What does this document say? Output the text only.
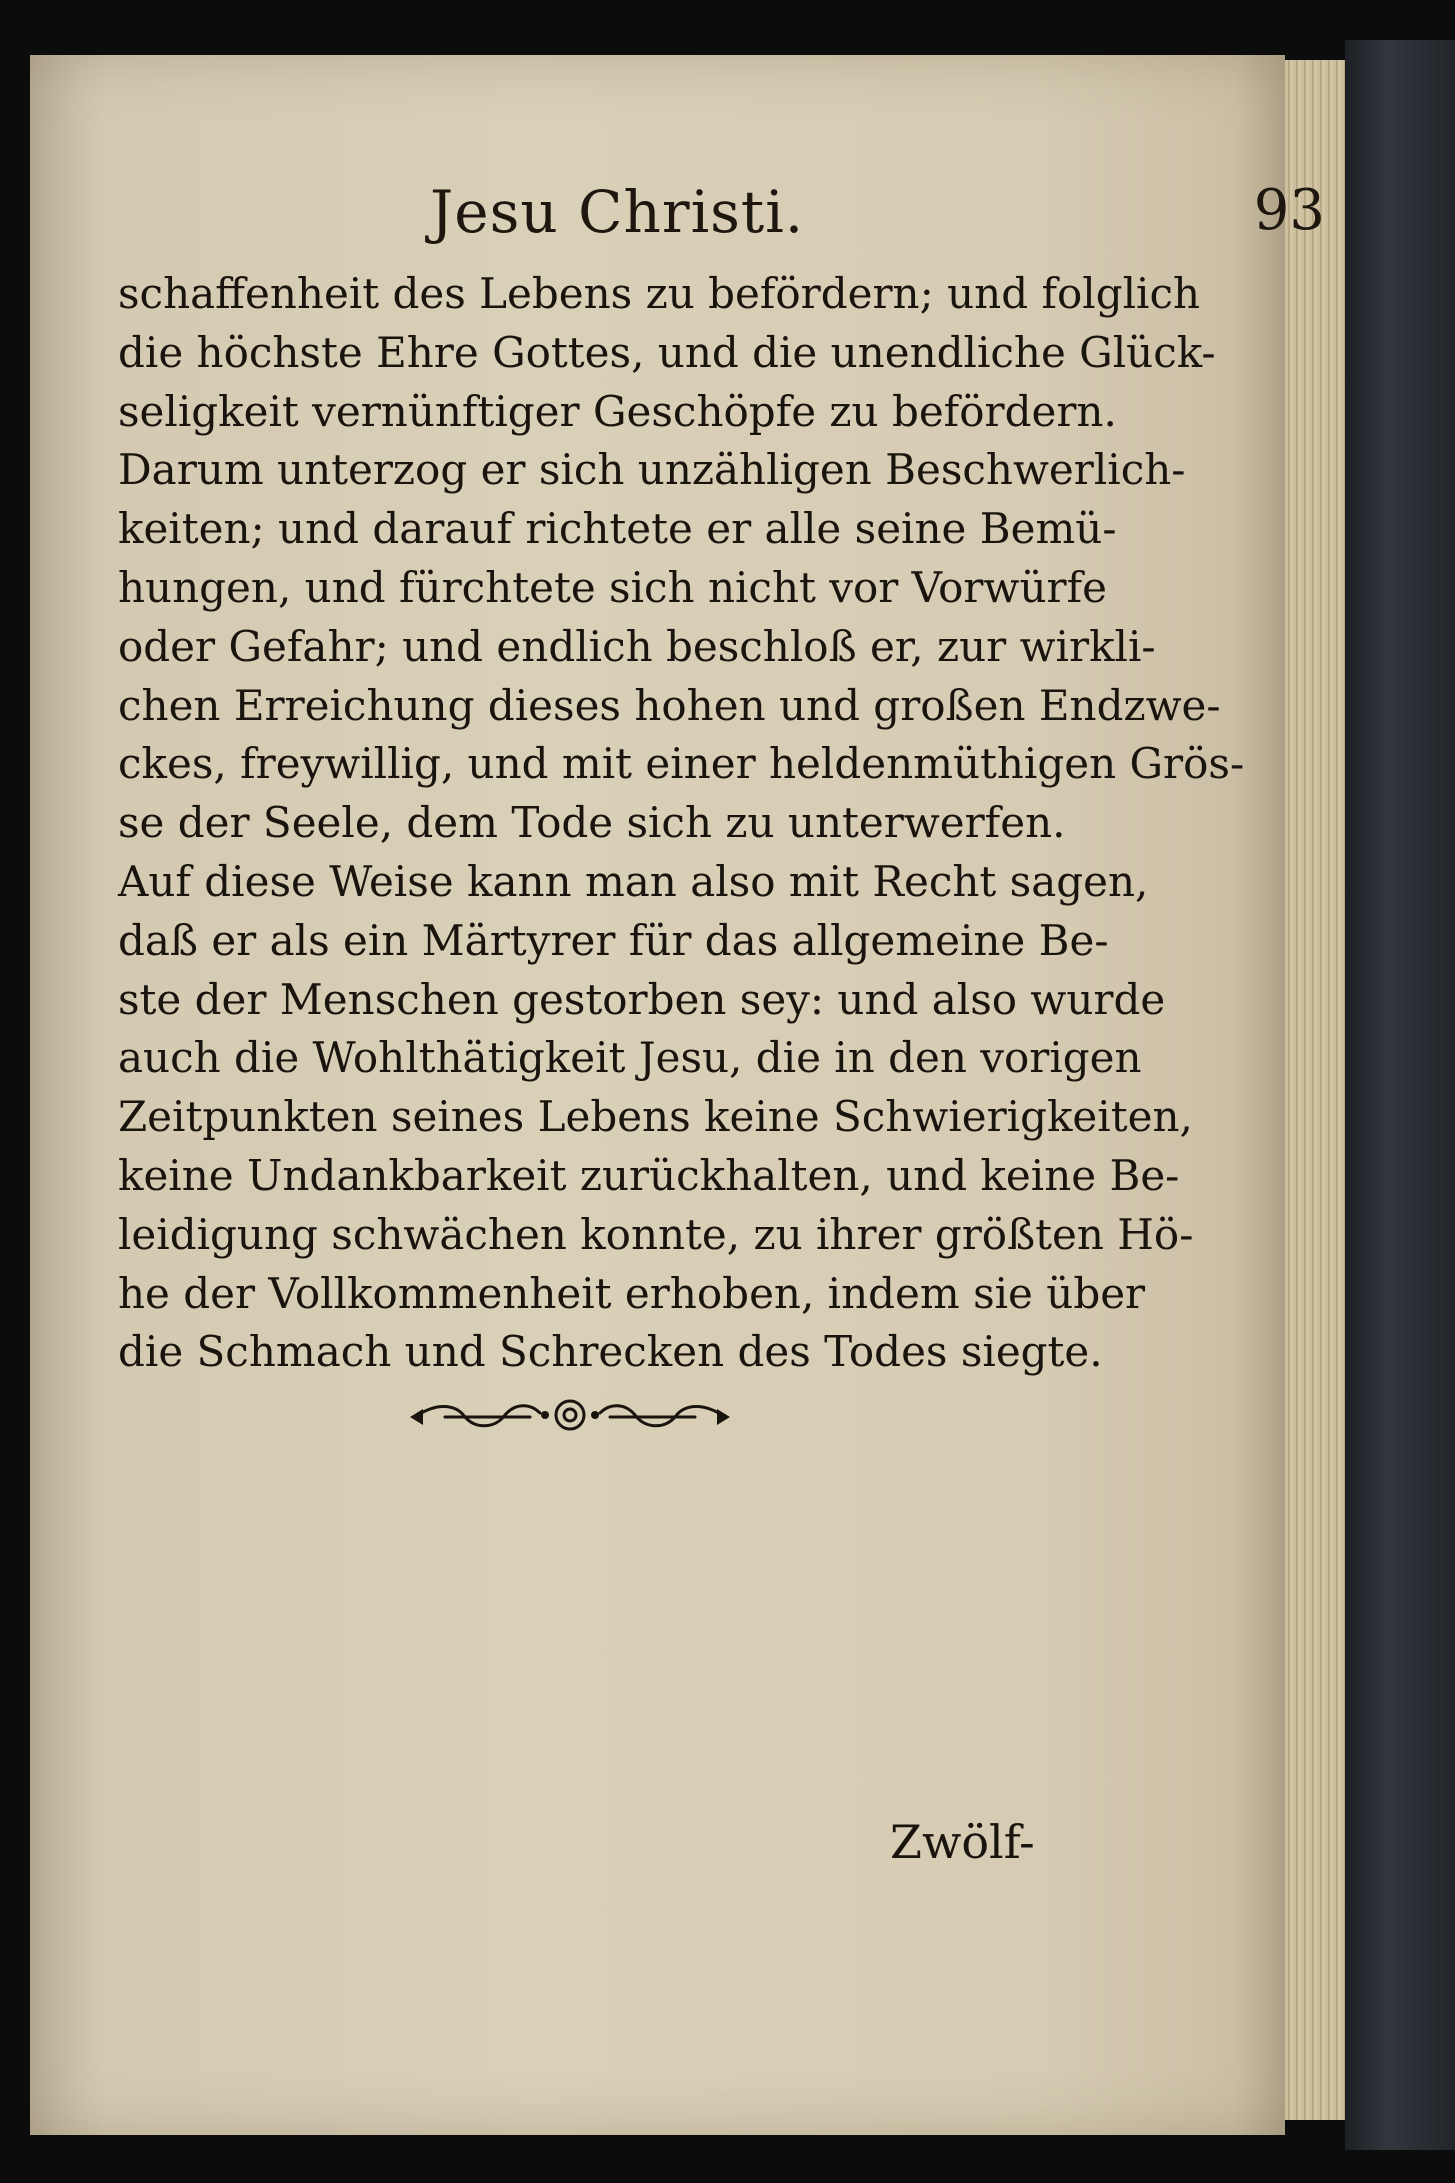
Jesu Christi.	93
schaffenheit des Lebens zu befördern; und folglich
die höchste Ehre Gottes, und die unendliche Glück-
seligkeit vernünftiger Geschöpfe zu befördern.
Darum unterzog er sich unzähligen Beschwerlich-
keiten; und darauf richtete er alle seine Bemü-
hungen, und fürchtete sich nicht vor Vorwürfe
oder Gefahr; und endlich beschloß er, zur wirkli-
chen Erreichung dieses hohen und großen Endzwe-
ckes, freywillig, und mit einer heldenmüthigen Grös-
se der Seele, dem Tode sich zu unterwerfen.
Auf diese Weise kann man also mit Recht sagen,
daß er als ein Märtyrer für das allgemeine Be-
ste der Menschen gestorben sey: und also wurde
auch die Wohlthätigkeit Jesu, die in den vorigen
Zeitpunkten seines Lebens keine Schwierigkeiten,
keine Undankbarkeit zurückhalten, und keine Be-
leidigung schwächen konnte, zu ihrer größten Hö-
he der Vollkommenheit erhoben, indem sie über
die Schmach und Schrecken des Todes siegte.
Zwölf-
